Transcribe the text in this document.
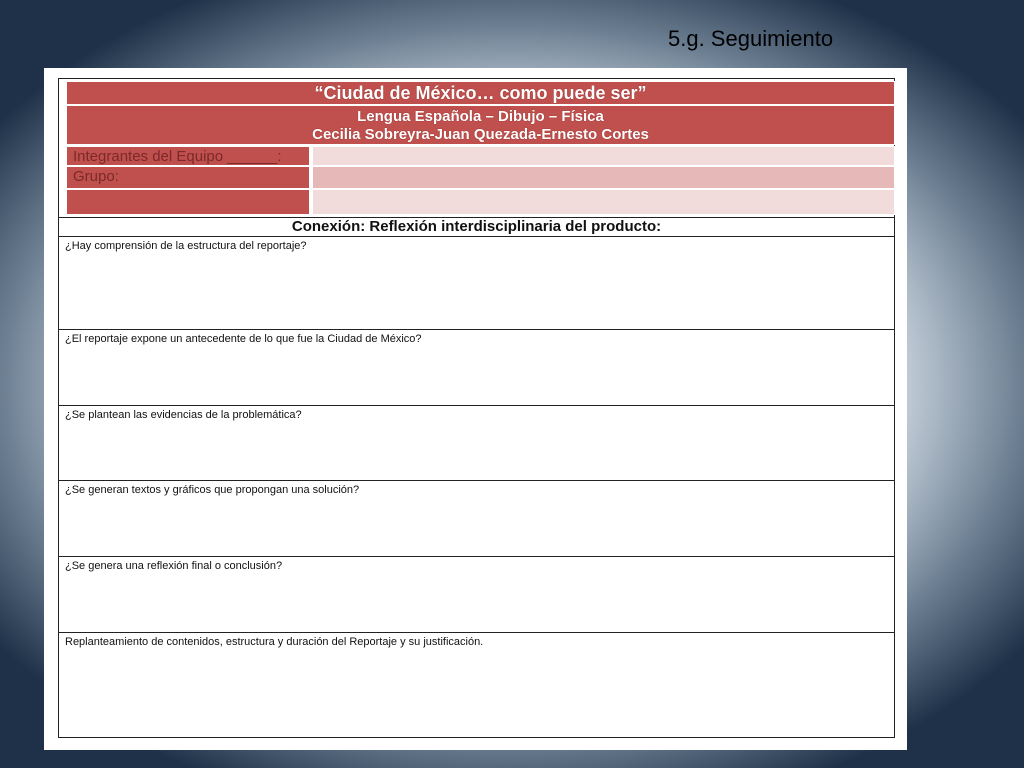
5.g. Seguimiento
“Ciudad de México… como puede ser”
Lengua Española – Dibujo – Física
Cecilia Sobreyra-Juan Quezada-Ernesto Cortes
Integrantes del Equipo ______:
Grupo:
Conexión: Reflexión interdisciplinaria del producto:
¿Hay comprensión de la estructura del reportaje?
¿El reportaje expone un antecedente de lo que fue la Ciudad de México?
¿Se plantean las evidencias de la problemática?
¿Se generan textos y gráficos que propongan una solución?
¿Se genera una reflexión final o conclusión?
Replanteamiento de contenidos, estructura y duración del Reportaje y su justificación.
